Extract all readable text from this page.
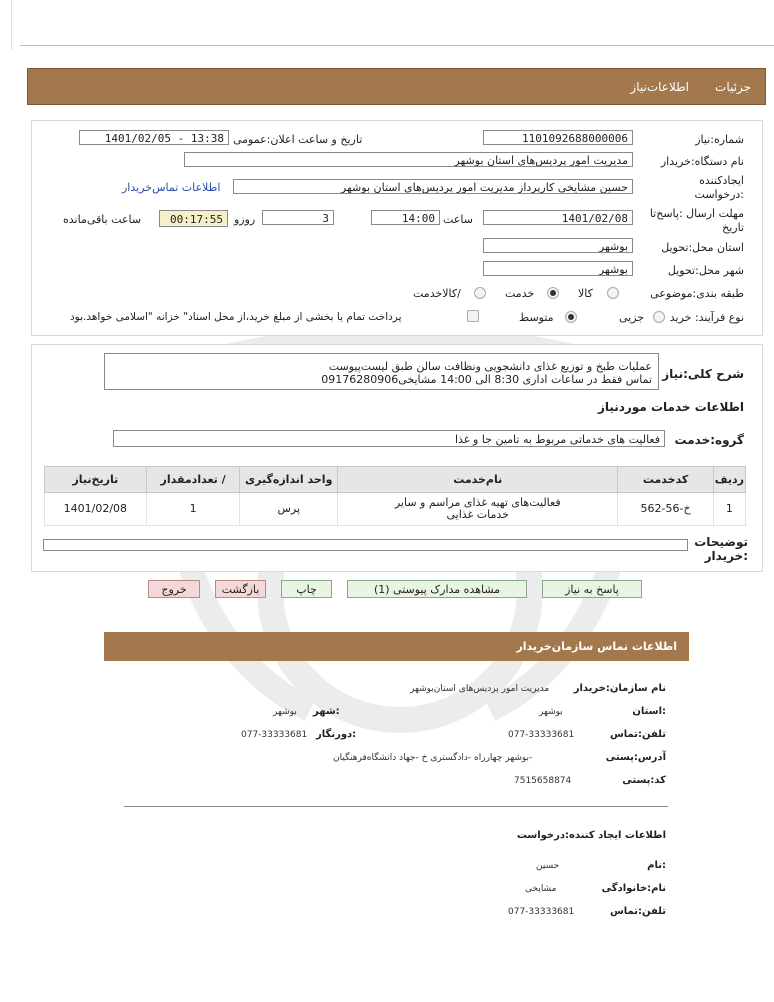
جزئیات
اطلاعات‌نیاز
شماره:نیاز
1101092688000006
تاریخ و ساعت اعلان:عمومی
1401/02/05 - 13:38
نام دستگاه:خریدار
مدیریت امور پردیس‌های استان بوشهر
ایجادکننده
:درخواست
حسین مشایخی کارپرداز مدیریت امور پردیس‌های استان بوشهر
اطلاعات تماس‌خریدار
مهلت ارسال :پاسخ‌تا
تاریخ
1401/02/08
ساعت
14:00
3
روزو
00:17:55
ساعت باقی‌مانده
استان محل:تحویل
بوشهر
شهر محل:تحویل
بوشهر
طبقه بندی:موضوعی
کالا
خدمت
/کالاخدمت
نوع فرآیند: خرید
جزیی
متوسط
پرداخت تمام یا بخشی از مبلغ خرید،از محل اسناد" خزانه "اسلامی خواهد.بود
شرح کلی:نیاز
عملیات طبخ و توزیع غذای دانشجویی ونظافت سالن طبق لیست‌پیوست
تماس فقط در ساعات اداری 8:30 الی 14:00 مشایخی09176280906
اطلاعات خدمات موردنیاز
گروه:خدمت
فعالیت های خدماتی مربوط به تامین جا و غذا
ردیف	کدخدمت	نام‌خدمت	واحد اندازه‌گیری	/ تعدادمقدار	تاریخ‌نیاز
1	خ-56-562	فعالیت‌های تهیه غذای مراسم و سایر
خدمات غذایی	پرس	1	1401/02/08
توضیحات
:خریدار
پاسخ به نیاز
مشاهده مدارک پیوستی (1)
چاپ
بازگشت
خروج
اطلاعات تماس سازمان‌خریدار
نام سازمان:خریدار
مدیریت امور پردیس‌های استان‌بوشهر
:استان
بوشهر
:شهر
بوشهر
تلفن:تماس
077-33333681
:دورنگار
077-33333681
آدرس:پستی
-بوشهر چهارراه -دادگستری خ -جهاد دانشگاه‌فرهنگیان
کد:پستی
7515658874
اطلاعات ایجاد کننده:درخواست
:نام
حسین
نام:خانوادگی
مشایخی
تلفن:تماس
077-33333681
